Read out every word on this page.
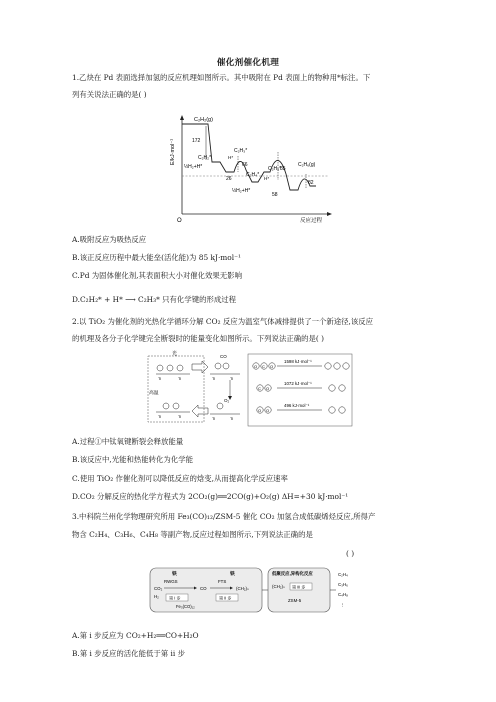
催化剂催化机理
1.乙炔在 Pd 表面选择加氢的反应机理如图所示。其中吸附在 Pd 表面上的物种用*标注。下
列有关说法正确的是( )
E/kJ·mol⁻¹
O	反应过程
C₂H₂(g)
172
C₂H₂*
½H₂+H*
C₂H₃*
H*
66
26
C₂H₄*
½H₂+H*
C₂H₅*
H*
85
58
C₂H₆(g)
82
A.吸附反应为吸热反应
B.该正反应历程中最大能垒(活化能)为 85 kJ·mol⁻¹
C.Pd 为固体催化剂,其表面积大小对催化效果无影响
D.C₂H₂* + H* ⟶ C₂H₃* 只有化学键的形成过程
2.以 TiO₂ 为催化剂的光热化学循环分解 CO₂ 反应为温室气体减排提供了一个新途径,该反应
的机理及各分子化学键完全断裂时的能量变化如图所示。下列说法正确的是( )
光
高温
Ti	Ti
Ti	Ti
CO
Ti	Ti
Ti	Ti
O₂
O C O
1598 kJ·mol⁻¹
C O
1072 kJ·mol⁻¹
O O
496 kJ·mol⁻¹
A.过程①中钛氧键断裂会释放能量
B.该反应中,光能和热能转化为化学能
C.使用 TiO₂ 作催化剂可以降低反应的焓变,从而提高化学反应速率
D.CO₂ 分解反应的热化学方程式为 2CO₂(g)══2CO(g)+O₂(g) ΔH=+30 kJ·mol⁻¹
3.中科院兰州化学物理研究所用 Fe₃(CO)₁₂/ZSM-5 催化 CO₂ 加氢合成低碳烯烃反应,所得产
物含 C₂H₄、C₃H₆、C₄H₈ 等副产物,反应过程如图所示,下列说法正确的是
( )
铁	铁
RWGS	FTS
CO₂	CO	(CH₂)ₙ
H₂ 第 i 步	第 ii 步
Fe₃(CO)₁₂
低聚反应,异构化反应
(CH₂)ₙ 第 iii 步
ZSM-5
C₂H₄
C₃H₆
C₄H₈
⋮
A.第 i 步反应为 CO₂+H₂══CO+H₂O
B.第 i 步反应的活化能低于第 ii 步
